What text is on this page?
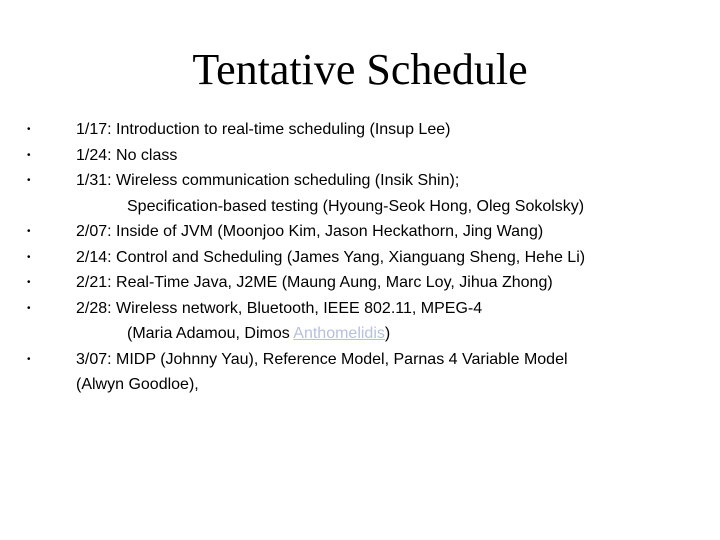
Tentative Schedule
•	1/17: Introduction to real-time scheduling (Insup Lee)
•	1/24: No class
•	1/31: Wireless communication scheduling (Insik Shin);
Specification-based testing (Hyoung-Seok Hong, Oleg Sokolsky)
•	2/07: Inside of JVM (Moonjoo Kim, Jason Heckathorn, Jing Wang)
•	2/14: Control and Scheduling (James Yang, Xianguang Sheng, Hehe Li)
•	2/21: Real-Time Java, J2ME (Maung Aung, Marc Loy, Jihua Zhong)
•	2/28: Wireless network, Bluetooth, IEEE 802.11, MPEG-4
(Maria Adamou, Dimos Anthomelidis)
•	3/07: MIDP (Johnny Yau), Reference Model, Parnas 4 Variable Model
(Alwyn Goodloe),
